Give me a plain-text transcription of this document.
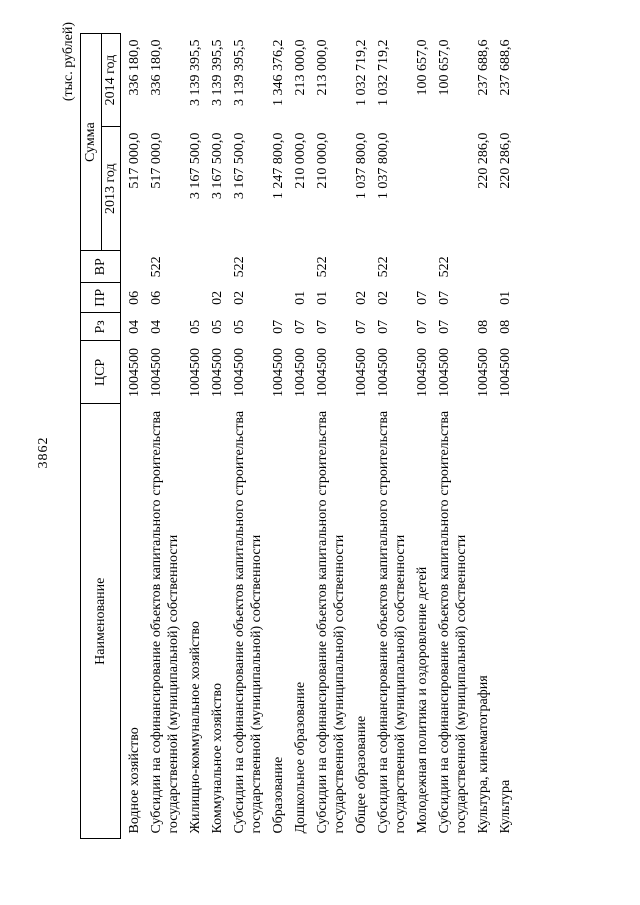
3862
(тыс. рублей)
Наименование	ЦСР	Рз	ПР	ВР	Сумма	
					2013 год	2014 год
Водное хозяйство	1004500	04	06		517 000,0	336 180,0
Субсидии на софинансирование объектов капитального строительства государственной (муниципальной) собственности	1004500	04	06	522	517 000,0	336 180,0
Жилищно-коммунальное хозяйство	1004500	05			3 167 500,0	3 139 395,5
Коммунальное хозяйство	1004500	05	02		3 167 500,0	3 139 395,5
Субсидии на софинансирование объектов капитального строительства государственной (муниципальной) собственности	1004500	05	02	522	3 167 500,0	3 139 395,5
Образование	1004500	07			1 247 800,0	1 346 376,2
Дошкольное образование	1004500	07	01		210 000,0	213 000,0
Субсидии на софинансирование объектов капитального строительства государственной (муниципальной) собственности	1004500	07	01	522	210 000,0	213 000,0
Общее образование	1004500	07	02		1 037 800,0	1 032 719,2
Субсидии на софинансирование объектов капитального строительства государственной (муниципальной) собственности	1004500	07	02	522	1 037 800,0	1 032 719,2
Молодежная политика и оздоровление детей	1004500	07	07			100 657,0
Субсидии на софинансирование объектов капитального строительства государственной (муниципальной) собственности	1004500	07	07	522		100 657,0
Культура, кинематография	1004500	08			220 286,0	237 688,6
Культура	1004500	08	01		220 286,0	237 688,6
